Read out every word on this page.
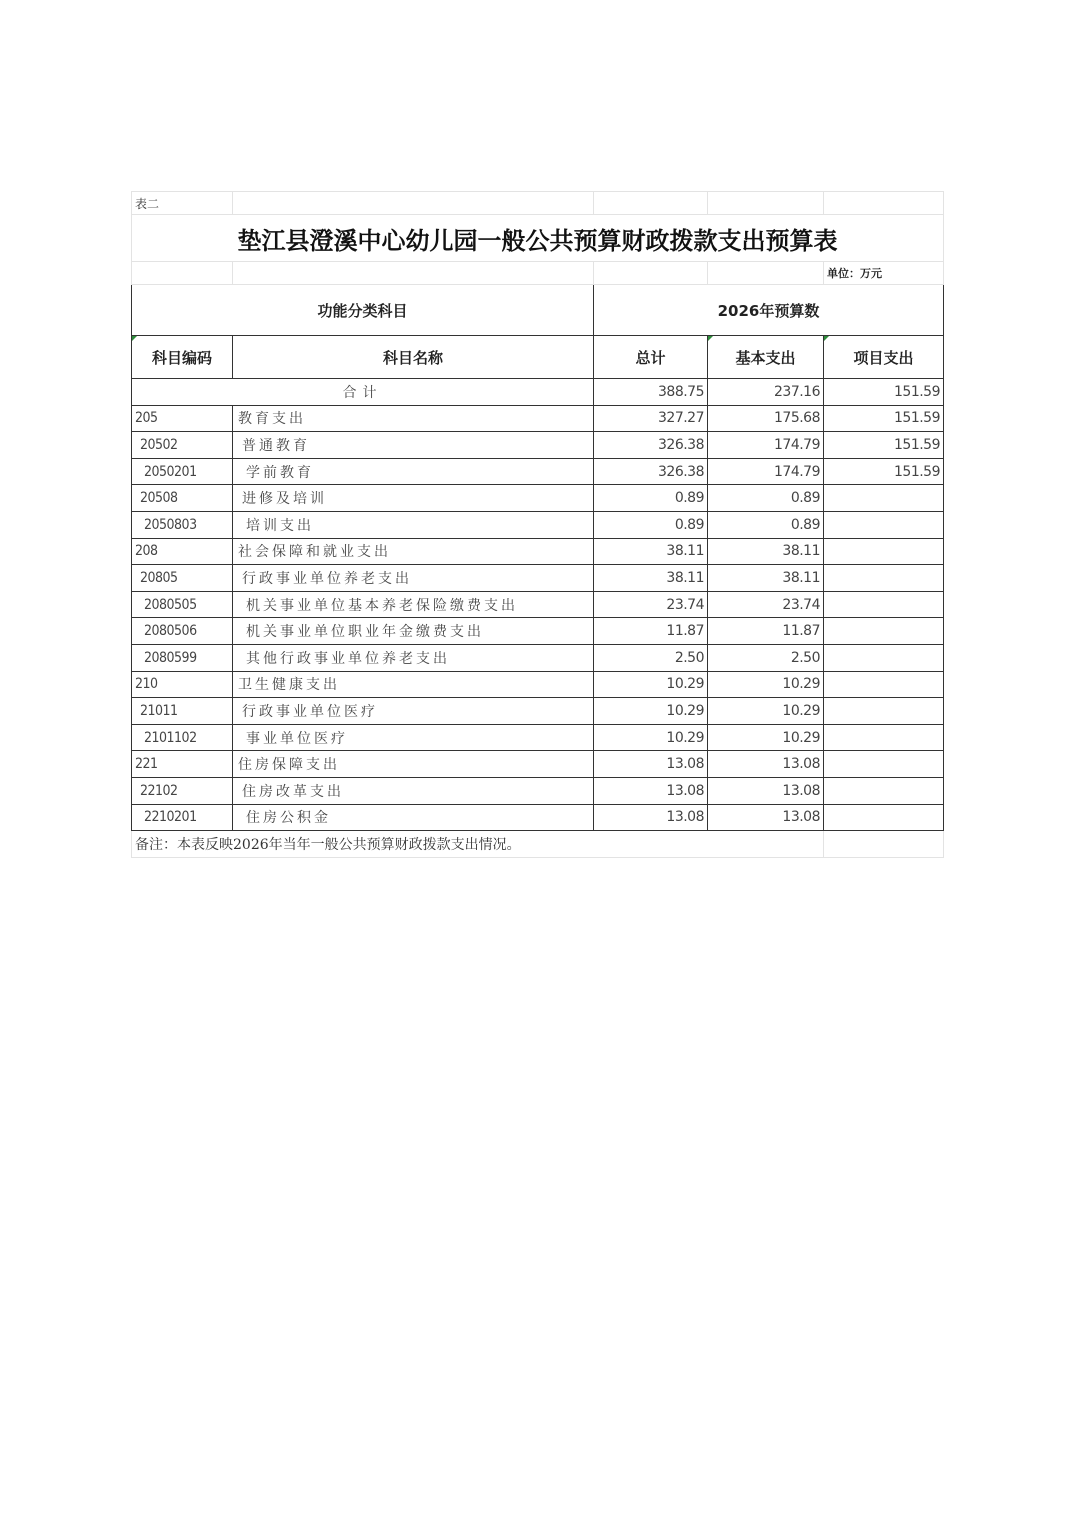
表二				
垫江县澄溪中心幼儿园一般公共预算财政拨款支出预算表				
				单位：万元
功能分类科目		2026年预算数		
科目编码	科目名称	总计	基本支出	项目支出
合计		388.75	237.16	151.59
205	教育支出	327.27	175.68	151.59
20502	普通教育	326.38	174.79	151.59
2050201	学前教育	326.38	174.79	151.59
20508	进修及培训	0.89	0.89	
2050803	培训支出	0.89	0.89	
208	社会保障和就业支出	38.11	38.11	
20805	行政事业单位养老支出	38.11	38.11	
2080505	机关事业单位基本养老保险缴费支出	23.74	23.74	
2080506	机关事业单位职业年金缴费支出	11.87	11.87	
2080599	其他行政事业单位养老支出	2.50	2.50	
210	卫生健康支出	10.29	10.29	
21011	行政事业单位医疗	10.29	10.29	
2101102	事业单位医疗	10.29	10.29	
221	住房保障支出	13.08	13.08	
22102	住房改革支出	13.08	13.08	
2210201	住房公积金	13.08	13.08	
备注：本表反映2026年当年一般公共预算财政拨款支出情况。				
